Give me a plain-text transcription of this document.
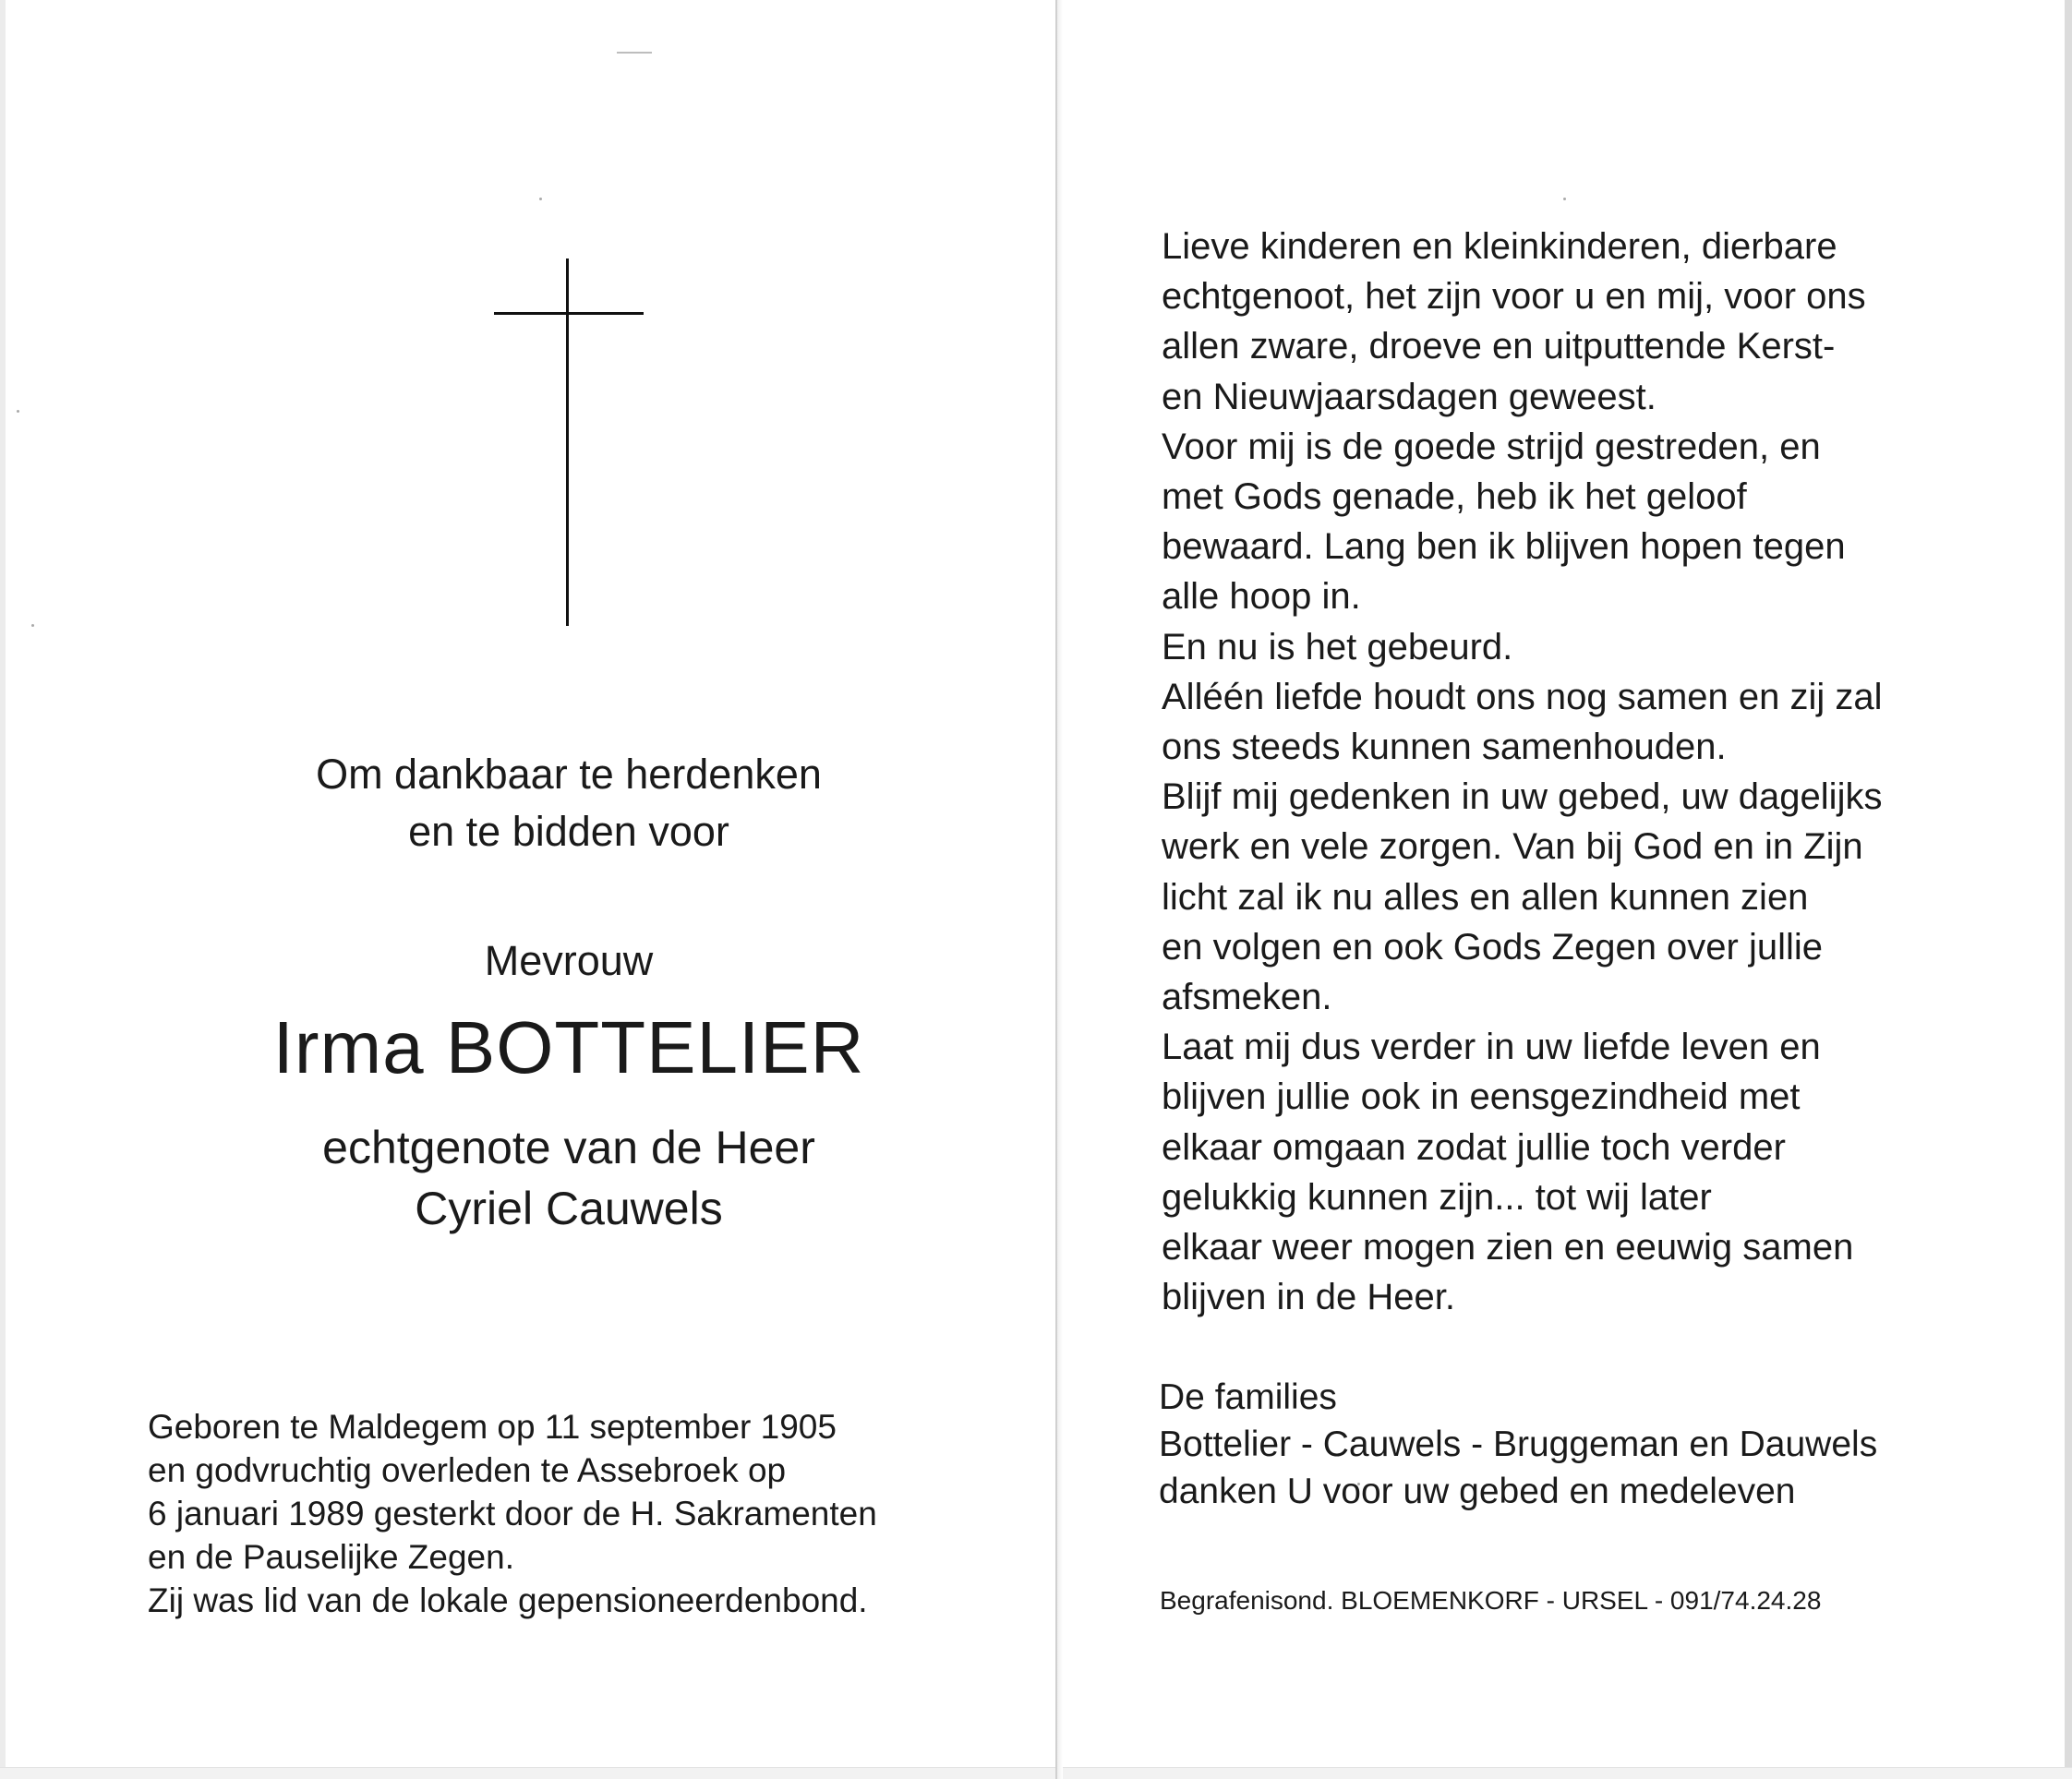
Om dankbaar te herdenken
en te bidden voor
Mevrouw
Irma BOTTELIER
echtgenote van de Heer
Cyriel Cauwels
Geboren te Maldegem op 11 september 1905
en godvruchtig overleden te Assebroek op
6 januari 1989 gesterkt door de H. Sakramenten
en de Pauselijke Zegen.
Zij was lid van de lokale gepensioneerdenbond.
Lieve kinderen en kleinkinderen, dierbare
echtgenoot, het zijn voor u en mij, voor ons
allen zware, droeve en uitputtende Kerst-
en Nieuwjaarsdagen geweest.
Voor mij is de goede strijd gestreden, en
met Gods genade, heb ik het geloof
bewaard. Lang ben ik blijven hopen tegen
alle hoop in.
En nu is het gebeurd.
Alléén liefde houdt ons nog samen en zij zal
ons steeds kunnen samenhouden.
Blijf mij gedenken in uw gebed, uw dagelijks
werk en vele zorgen. Van bij God en in Zijn
licht zal ik nu alles en allen kunnen zien
en volgen en ook Gods Zegen over jullie
afsmeken.
Laat mij dus verder in uw liefde leven en
blijven jullie ook in eensgezindheid met
elkaar omgaan zodat jullie toch verder
gelukkig kunnen zijn... tot wij later
elkaar weer mogen zien en eeuwig samen
blijven in de Heer.
De families
Bottelier - Cauwels - Bruggeman en Dauwels
danken U voor uw gebed en medeleven
Begrafenisond. BLOEMENKORF - URSEL - 091/74.24.28
